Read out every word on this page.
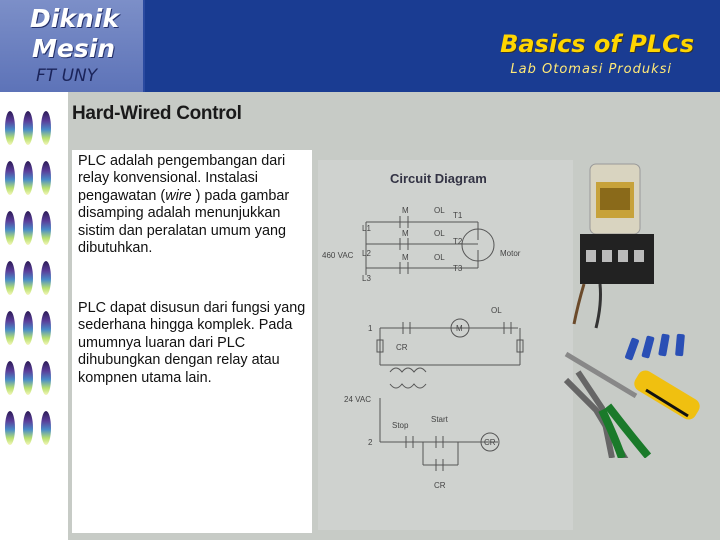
Diknik
Mesin
FT UNY
Basics of PLCs
Lab Otomasi Produksi
Hard-Wired Control
PLC adalah pengembangan dari relay konvensional. Instalasi pengawatan (wire ) pada gambar disamping adalah menunjukkan sistim dan peralatan umum yang dibutuhkan.
PLC dapat disusun dari fungsi yang sederhana hingga komplek. Pada umumnya luaran dari PLC dihubungkan dengan relay atau kompnen utama lain.
Circuit Diagram
M	OL
T1
M	OL
T2
M	OL
T3
L1
L2
L3
460 VAC	Motor
OL
1	M
CR
24 VAC
Stop
Start
2	CR
CR
